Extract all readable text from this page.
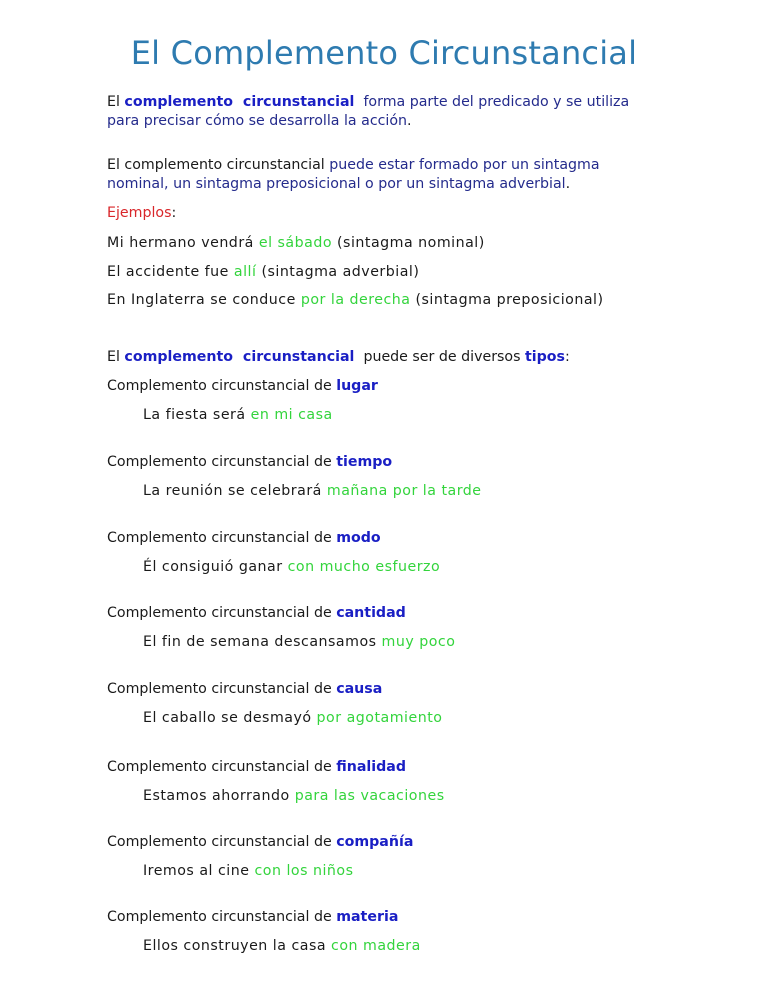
El Complemento Circunstancial
El complemento  circunstancial  forma parte del predicado y se utiliza
para precisar cómo se desarrolla la acción.
El complemento circunstancial puede estar formado por un sintagma
nominal, un sintagma preposicional o por un sintagma adverbial.
Ejemplos:
Mi hermano vendrá el sábado (sintagma nominal)
El accidente fue allí (sintagma adverbial)
En Inglaterra se conduce por la derecha (sintagma preposicional)
El complemento  circunstancial  puede ser de diversos tipos:
Complemento circunstancial de lugar
La fiesta será en mi casa
Complemento circunstancial de tiempo
La reunión se celebrará mañana por la tarde
Complemento circunstancial de modo
Él consiguió ganar con mucho esfuerzo
Complemento circunstancial de cantidad
El fin de semana descansamos muy poco
Complemento circunstancial de causa
El caballo se desmayó por agotamiento
Complemento circunstancial de finalidad
Estamos ahorrando para las vacaciones
Complemento circunstancial de compañía
Iremos al cine con los niños
Complemento circunstancial de materia
Ellos construyen la casa con madera
